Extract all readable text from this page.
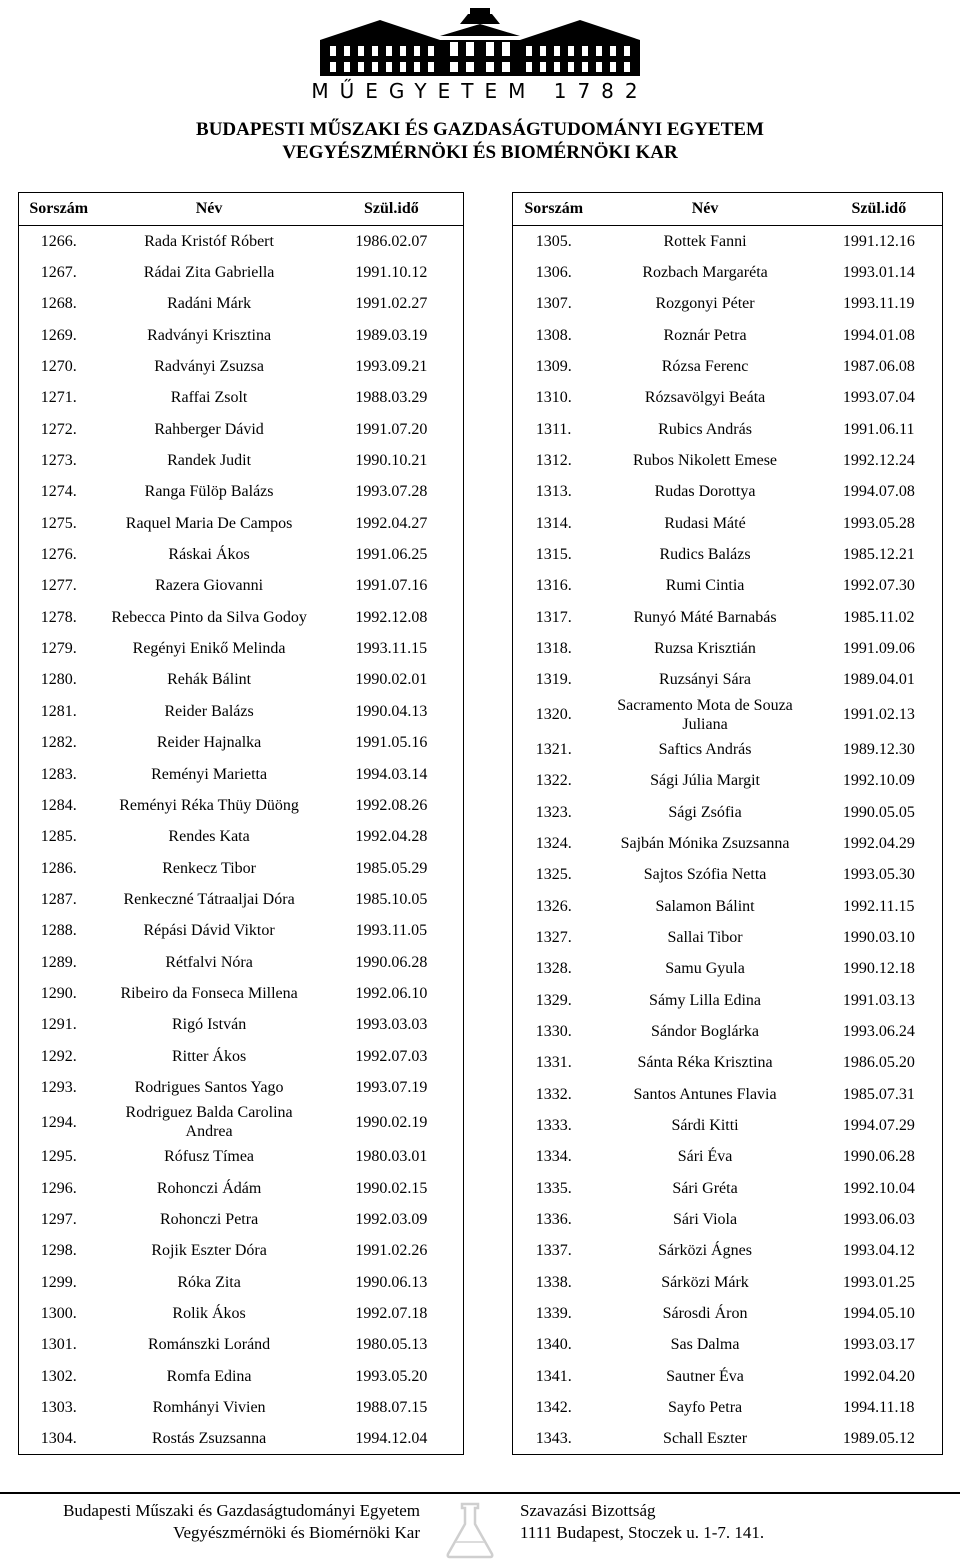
MŰEGYETEM 1782
BUDAPESTI MŰSZAKI ÉS GAZDASÁGTUDOMÁNYI EGYETEM
VEGYÉSZMÉRNÖKI ÉS BIOMÉRNÖKI KAR
Sorszám	Név	Szül.idő
1266.	Rada Kristóf Róbert	1986.02.07
1267.	Rádai Zita Gabriella	1991.10.12
1268.	Radáni Márk	1991.02.27
1269.	Radványi Krisztina	1989.03.19
1270.	Radványi Zsuzsa	1993.09.21
1271.	Raffai Zsolt	1988.03.29
1272.	Rahberger Dávid	1991.07.20
1273.	Randek Judit	1990.10.21
1274.	Ranga Fülöp Balázs	1993.07.28
1275.	Raquel Maria De Campos	1992.04.27
1276.	Ráskai Ákos	1991.06.25
1277.	Razera Giovanni	1991.07.16
1278.	Rebecca Pinto da Silva Godoy	1992.12.08
1279.	Regényi Enikő Melinda	1993.11.15
1280.	Rehák Bálint	1990.02.01
1281.	Reider Balázs	1990.04.13
1282.	Reider Hajnalka	1991.05.16
1283.	Reményi Marietta	1994.03.14
1284.	Reményi Réka Thüy Düöng	1992.08.26
1285.	Rendes Kata	1992.04.28
1286.	Renkecz Tibor	1985.05.29
1287.	Renkeczné Tátraaljai Dóra	1985.10.05
1288.	Répási Dávid Viktor	1993.11.05
1289.	Rétfalvi Nóra	1990.06.28
1290.	Ribeiro da Fonseca Millena	1992.06.10
1291.	Rigó István	1993.03.03
1292.	Ritter Ákos	1992.07.03
1293.	Rodrigues Santos Yago	1993.07.19
1294.	Rodriguez Balda Carolina Andrea	1990.02.19
1295.	Rófusz Tímea	1980.03.01
1296.	Rohonczi Ádám	1990.02.15
1297.	Rohonczi Petra	1992.03.09
1298.	Rojik Eszter Dóra	1991.02.26
1299.	Róka Zita	1990.06.13
1300.	Rolik Ákos	1992.07.18
1301.	Románszki Loránd	1980.05.13
1302.	Romfa Edina	1993.05.20
1303.	Romhányi Vivien	1988.07.15
1304.	Rostás Zsuzsanna	1994.12.04
Sorszám	Név	Szül.idő
1305.	Rottek Fanni	1991.12.16
1306.	Rozbach Margaréta	1993.01.14
1307.	Rozgonyi Péter	1993.11.19
1308.	Roznár Petra	1994.01.08
1309.	Rózsa Ferenc	1987.06.08
1310.	Rózsavölgyi Beáta	1993.07.04
1311.	Rubics András	1991.06.11
1312.	Rubos Nikolett Emese	1992.12.24
1313.	Rudas Dorottya	1994.07.08
1314.	Rudasi Máté	1993.05.28
1315.	Rudics Balázs	1985.12.21
1316.	Rumi Cintia	1992.07.30
1317.	Runyó Máté Barnabás	1985.11.02
1318.	Ruzsa Krisztián	1991.09.06
1319.	Ruzsányi Sára	1989.04.01
1320.	Sacramento Mota de Souza Juliana	1991.02.13
1321.	Saftics András	1989.12.30
1322.	Sági Júlia Margit	1992.10.09
1323.	Sági Zsófia	1990.05.05
1324.	Sajbán Mónika Zsuzsanna	1992.04.29
1325.	Sajtos Szófia Netta	1993.05.30
1326.	Salamon Bálint	1992.11.15
1327.	Sallai Tibor	1990.03.10
1328.	Samu Gyula	1990.12.18
1329.	Sámy Lilla Edina	1991.03.13
1330.	Sándor Boglárka	1993.06.24
1331.	Sánta Réka Krisztina	1986.05.20
1332.	Santos Antunes Flavia	1985.07.31
1333.	Sárdi Kitti	1994.07.29
1334.	Sári Éva	1990.06.28
1335.	Sári Gréta	1992.10.04
1336.	Sári Viola	1993.06.03
1337.	Sárközi Ágnes	1993.04.12
1338.	Sárközi Márk	1993.01.25
1339.	Sárosdi Áron	1994.05.10
1340.	Sas Dalma	1993.03.17
1341.	Sautner Éva	1992.04.20
1342.	Sayfo Petra	1994.11.18
1343.	Schall Eszter	1989.05.12
Budapesti Műszaki és Gazdaságtudományi Egyetem
Vegyészmérnöki és Biomérnöki Kar
Szavazási Bizottság
1111 Budapest, Stoczek u. 1-7. 141.
